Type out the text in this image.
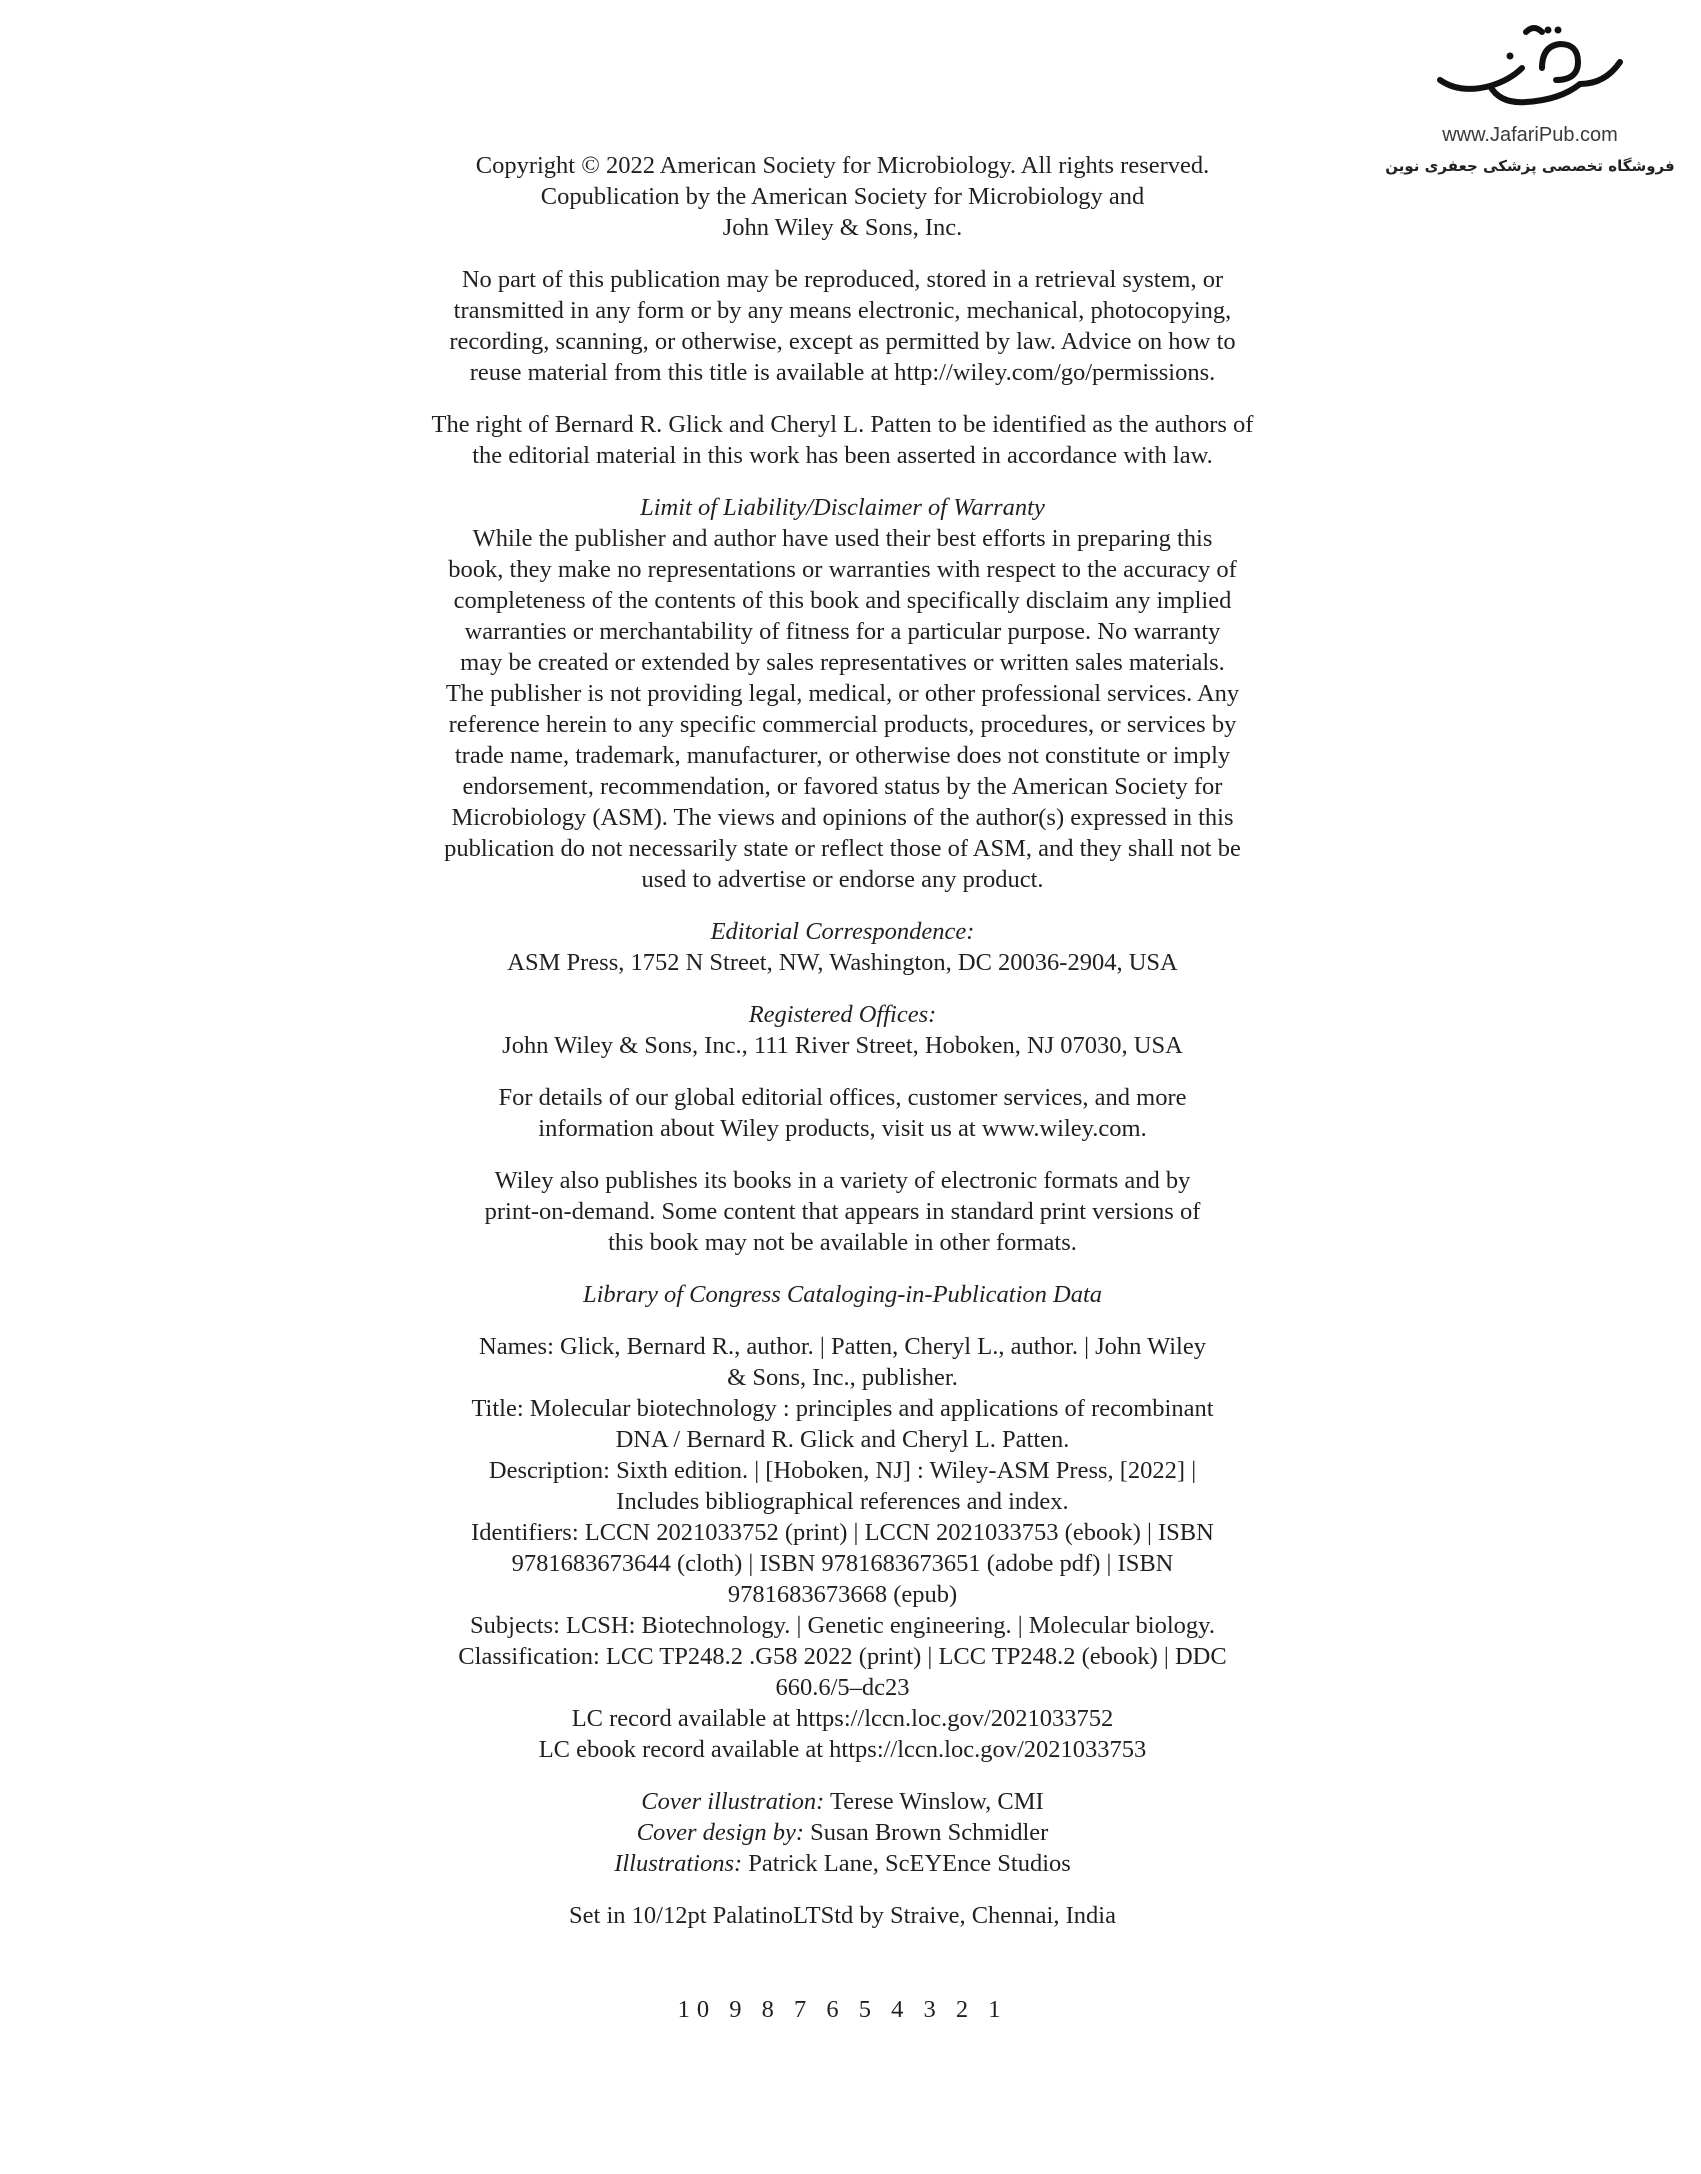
www.JafariPub.com
فروشگاه تخصصی پزشکی جعفری نوین

Copyright © 2022 American Society for Microbiology. All rights reserved.
Copublication by the American Society for Microbiology and
John Wiley & Sons, Inc.

No part of this publication may be reproduced, stored in a retrieval system, or
transmitted in any form or by any means electronic, mechanical, photocopying,
recording, scanning, or otherwise, except as permitted by law. Advice on how to
reuse material from this title is available at http://wiley.com/go/permissions.

The right of Bernard R. Glick and Cheryl L. Patten to be identified as the authors of
the editorial material in this work has been asserted in accordance with law.

Limit of Liability/Disclaimer of Warranty
While the publisher and author have used their best efforts in preparing this
book, they make no representations or warranties with respect to the accuracy of
completeness of the contents of this book and specifically disclaim any implied
warranties or merchantability of fitness for a particular purpose. No warranty
may be created or extended by sales representatives or written sales materials.
The publisher is not providing legal, medical, or other professional services. Any
reference herein to any specific commercial products, procedures, or services by
trade name, trademark, manufacturer, or otherwise does not constitute or imply
endorsement, recommendation, or favored status by the American Society for
Microbiology (ASM). The views and opinions of the author(s) expressed in this
publication do not necessarily state or reflect those of ASM, and they shall not be
used to advertise or endorse any product.

Editorial Correspondence:
ASM Press, 1752 N Street, NW, Washington, DC 20036-2904, USA

Registered Offices:
John Wiley & Sons, Inc., 111 River Street, Hoboken, NJ 07030, USA

For details of our global editorial offices, customer services, and more
information about Wiley products, visit us at www.wiley.com.

Wiley also publishes its books in a variety of electronic formats and by
print-on-demand. Some content that appears in standard print versions of
this book may not be available in other formats.

Library of Congress Cataloging-in-Publication Data

Names: Glick, Bernard R., author. | Patten, Cheryl L., author. | John Wiley
& Sons, Inc., publisher.
Title: Molecular biotechnology : principles and applications of recombinant
DNA / Bernard R. Glick and Cheryl L. Patten.
Description: Sixth edition. | [Hoboken, NJ] : Wiley-ASM Press, [2022] |
Includes bibliographical references and index.
Identifiers: LCCN 2021033752 (print) | LCCN 2021033753 (ebook) | ISBN
9781683673644 (cloth) | ISBN 9781683673651 (adobe pdf) | ISBN
9781683673668 (epub)
Subjects: LCSH: Biotechnology. | Genetic engineering. | Molecular biology.
Classification: LCC TP248.2 .G58 2022 (print) | LCC TP248.2 (ebook) | DDC
660.6/5–dc23
LC record available at https://lccn.loc.gov/2021033752
LC ebook record available at https://lccn.loc.gov/2021033753

Cover illustration: Terese Winslow, CMI
Cover design by: Susan Brown Schmidler
Illustrations: Patrick Lane, ScEYEnce Studios

Set in 10/12pt PalatinoLTStd by Straive, Chennai, India

10 9 8 7 6 5 4 3 2 1
